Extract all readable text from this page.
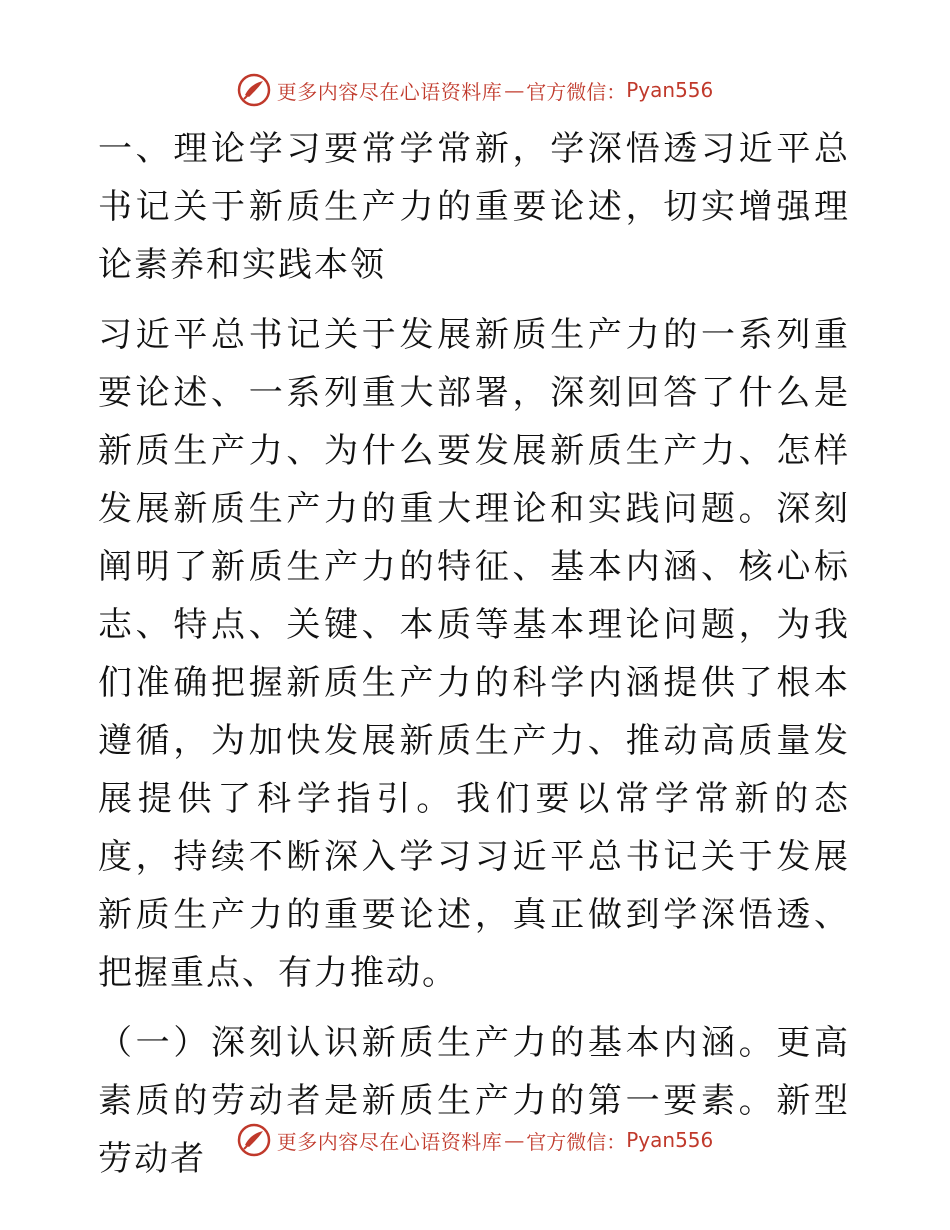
更多内容尽在心语资料库 — 官方微信： Pyan556

一、理论学习要常学常新，学深悟透习近平总书记关于新质生产力的重要论述，切实增强理论素养和实践本领

习近平总书记关于发展新质生产力的一系列重要论述、一系列重大部署，深刻回答了什么是新质生产力、为什么要发展新质生产力、怎样发展新质生产力的重大理论和实践问题。深刻阐明了新质生产力的特征、基本内涵、核心标志、特点、关键、本质等基本理论问题，为我们准确把握新质生产力的科学内涵提供了根本遵循，为加快发展新质生产力、推动高质量发展提供了科学指引。我们要以常学常新的态度，持续不断深入学习习近平总书记关于发展新质生产力的重要论述，真正做到学深悟透、把握重点、有力推动。

（一）深刻认识新质生产力的基本内涵。更高素质的劳动者是新质生产力的第一要素。新型劳动者	更多内容尽在心语资料库 — 官方微信： Pyan556
